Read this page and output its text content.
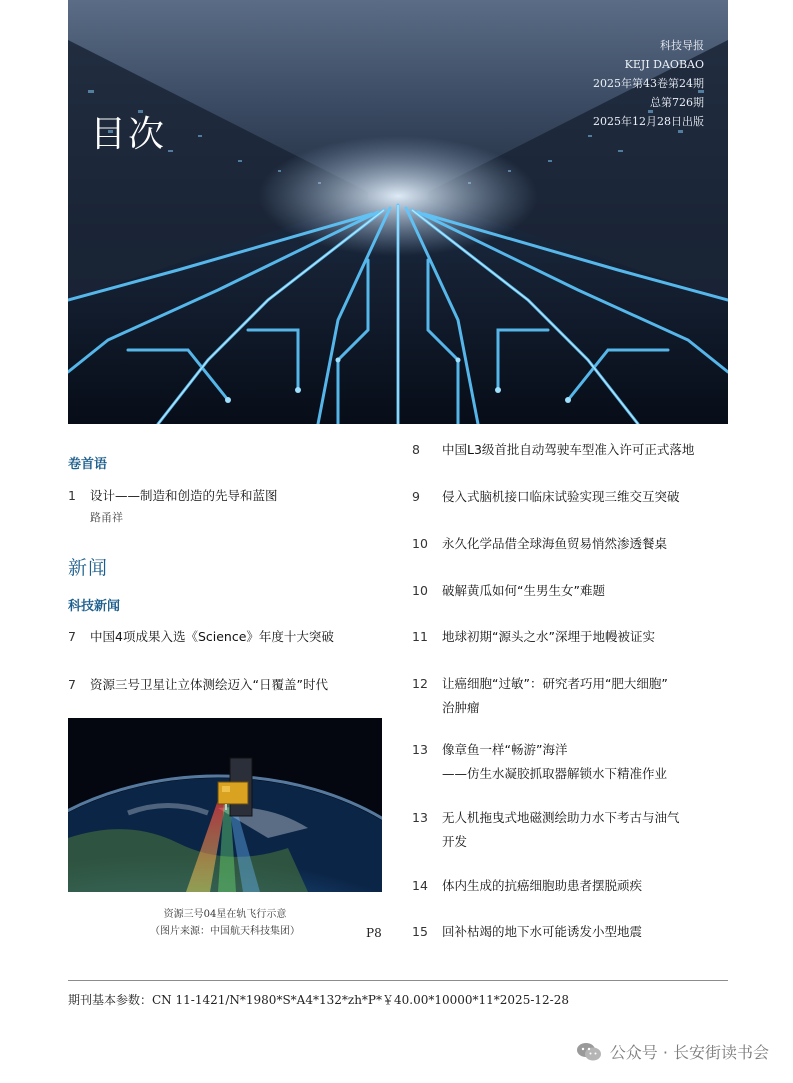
目次
科技导报
KEJI DAOBAO
2025年第43卷第24期
总第726期
2025年12月28日出版
卷首语
1 设计——制造和创造的先导和蓝图
路甬祥
新闻
科技新闻
7 中国4项成果入选《Science》年度十大突破
7 资源三号卫星让立体测绘迈入“日覆盖”时代
资源三号04星在轨飞行示意
（图片来源：中国航天科技集团）	P8
8 中国L3级首批自动驾驶车型准入许可正式落地
9 侵入式脑机接口临床试验实现三维交互突破
10 永久化学品借全球海鱼贸易悄然渗透餐桌
10 破解黄瓜如何“生男生女”难题
11 地球初期“源头之水”深埋于地幔被证实
12 让癌细胞“过敏”：研究者巧用“肥大细胞”
治肿瘤
13 像章鱼一样“畅游”海洋
——仿生水凝胶抓取器解锁水下精准作业
13 无人机拖曳式地磁测绘助力水下考古与油气
开发
14 体内生成的抗癌细胞助患者摆脱顽疾
15 回补枯竭的地下水可能诱发小型地震
期刊基本参数：CN 11-1421/N*1980*S*A4*132*zh*P*￥40.00*10000*11*2025-12-28
公众号 · 长安街读书会
